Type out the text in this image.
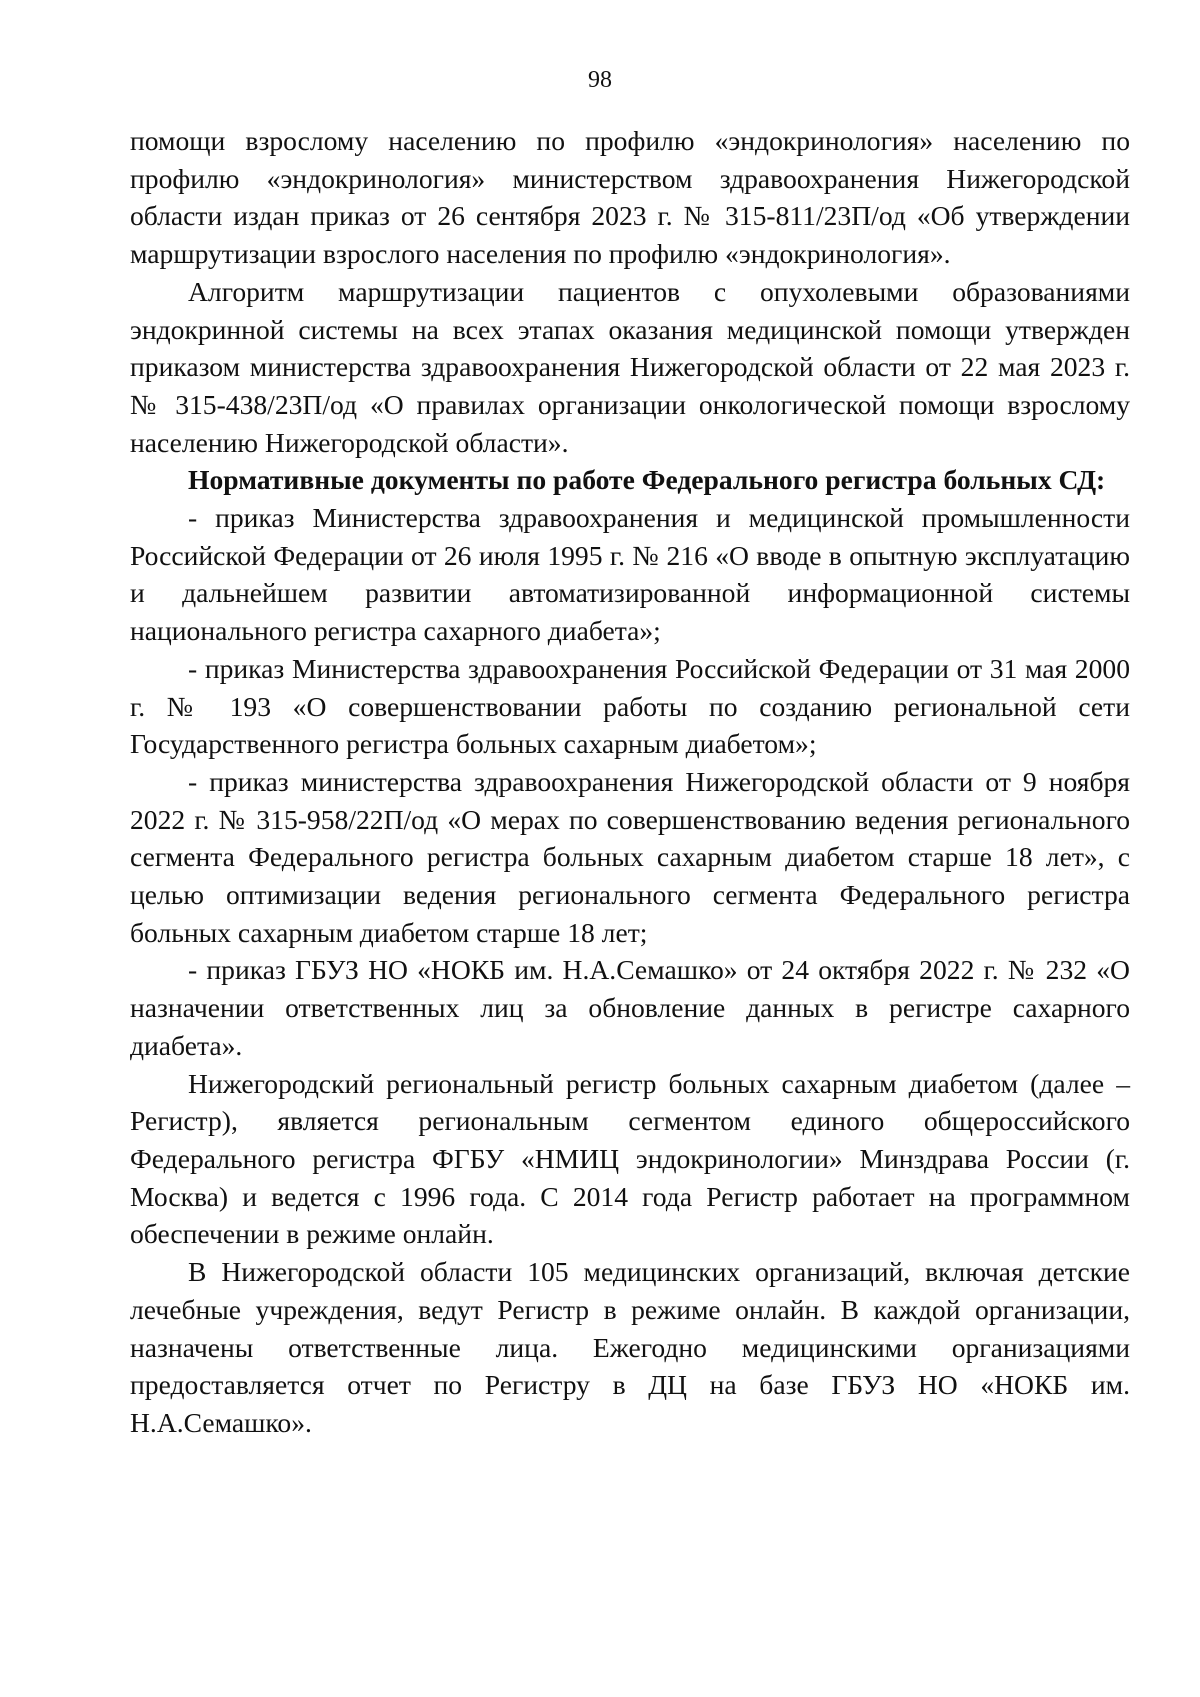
98

помощи взрослому населению по профилю «эндокринология» населению по профилю «эндокринология» министерством здравоохранения Нижегородской области издан приказ от 26 сентября 2023 г. № 315-811/23П/од «Об утверждении маршрутизации взрослого населения по профилю «эндокринология».

Алгоритм маршрутизации пациентов с опухолевыми образованиями эндокринной системы на всех этапах оказания медицинской помощи утвержден приказом министерства здравоохранения Нижегородской области от 22 мая 2023 г. № 315-438/23П/од «О правилах организации онкологической помощи взрослому населению Нижегородской области».

Нормативные документы по работе Федерального регистра больных СД:

- приказ Министерства здравоохранения и медицинской промышленности Российской Федерации от 26 июля 1995 г. № 216 «О вводе в опытную эксплуатацию и дальнейшем развитии автоматизированной информационной системы национального регистра сахарного диабета»;

- приказ Министерства здравоохранения Российской Федерации от 31 мая 2000 г. № 193 «О совершенствовании работы по созданию региональной сети Государственного регистра больных сахарным диабетом»;

- приказ министерства здравоохранения Нижегородской области от 9 ноября 2022 г. № 315-958/22П/од «О мерах по совершенствованию ведения регионального сегмента Федерального регистра больных сахарным диабетом старше 18 лет», с целью оптимизации ведения регионального сегмента Федерального регистра больных сахарным диабетом старше 18 лет;

- приказ ГБУЗ НО «НОКБ им. Н.А.Семашко» от 24 октября 2022 г. № 232 «О назначении ответственных лиц за обновление данных в регистре сахарного диабета».

Нижегородский региональный регистр больных сахарным диабетом (далее – Регистр), является региональным сегментом единого общероссийского Федерального регистра ФГБУ «НМИЦ эндокринологии» Минздрава России (г. Москва) и ведется с 1996 года. С 2014 года Регистр работает на программном обеспечении в режиме онлайн.

В Нижегородской области 105 медицинских организаций, включая детские лечебные учреждения, ведут Регистр в режиме онлайн. В каждой организации, назначены ответственные лица. Ежегодно медицинскими организациями предоставляется отчет по Регистру в ДЦ на базе ГБУЗ НО «НОКБ им. Н.А.Семашко».
